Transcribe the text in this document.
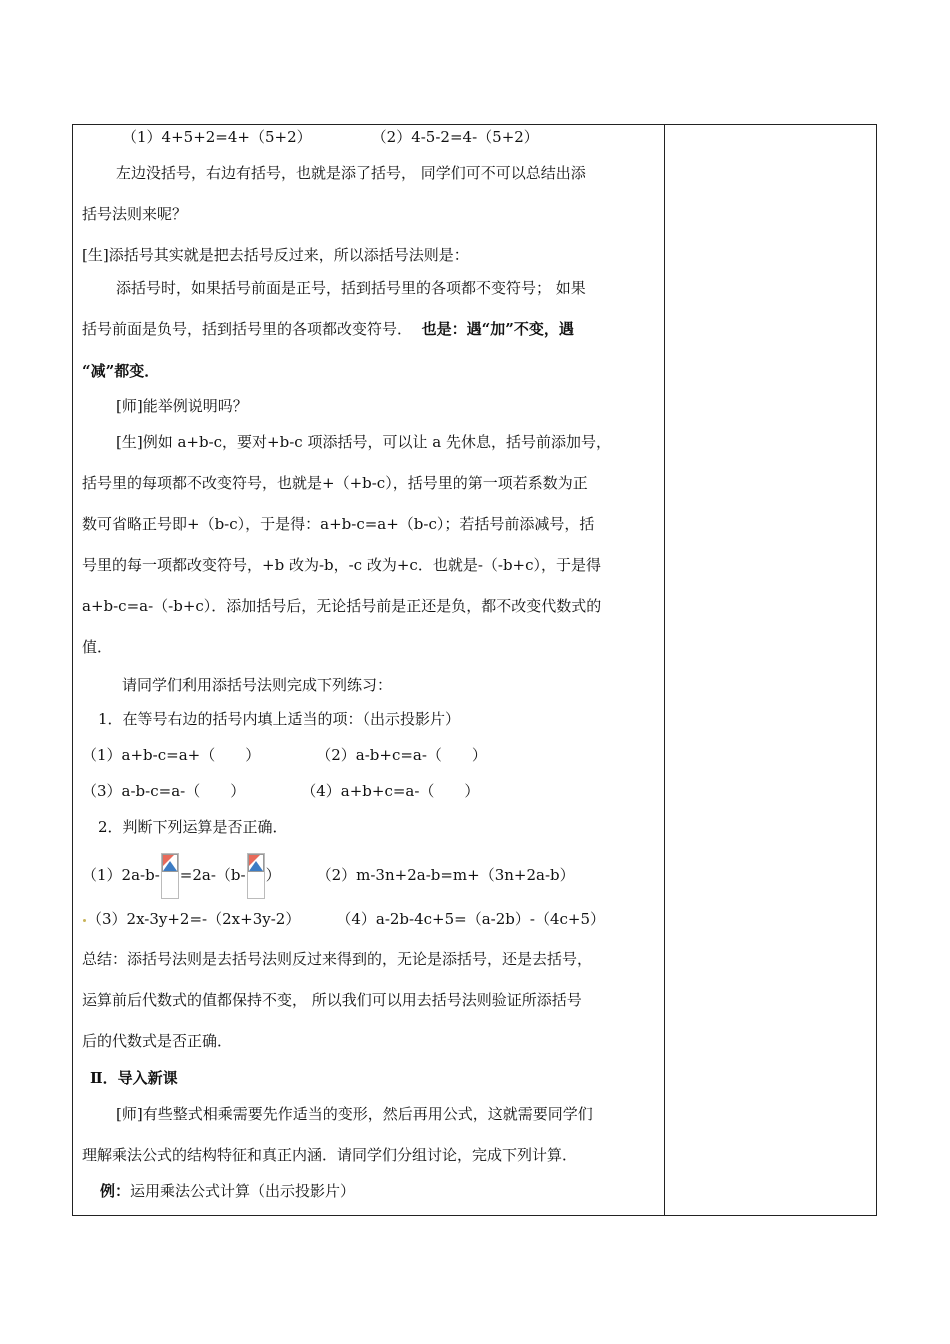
（1）4+5+2=4+（5+2）	（2）4-5-2=4-（5+2）
左边没括号，右边有括号，也就是添了括号， 同学们可不可以总结出添
括号法则来呢？
[生]添括号其实就是把去括号反过来，所以添括号法则是：
添括号时，如果括号前面是正号，括到括号里的各项都不变符号； 如果
括号前面是负号，括到括号里的各项都改变符号． 也是：遇“加”不变，遇
“减”都变．
[师]能举例说明吗？
[生]例如 a+b-c，要对+b-c 项添括号，可以让 a 先休息，括号前添加号，
括号里的每项都不改变符号，也就是+（+b-c），括号里的第一项若系数为正
数可省略正号即+（b-c），于是得：a+b-c=a+（b-c）；若括号前添减号，括
号里的每一项都改变符号，+b 改为-b，-c 改为+c．也就是-（-b+c），于是得
a+b-c=a-（-b+c）．添加括号后，无论括号前是正还是负，都不改变代数式的
值．
请同学们利用添括号法则完成下列练习：
1．在等号右边的括号内填上适当的项：（出示投影片）
（1）a+b-c=a+（　　）	（2）a-b+c=a-（　　）
（3）a-b-c=a-（　　）	（4）a+b+c=a-（　　）
2．判断下列运算是否正确．
（1）2a-b- =2a-（b- ） （2）m-3n+2a-b=m+（3n+2a-b）
（3）2x-3y+2=-（2x+3y-2） （4）a-2b-4c+5=（a-2b）-（4c+5）
总结：添括号法则是去括号法则反过来得到的，无论是添括号，还是去括号，
运算前后代数式的值都保持不变， 所以我们可以用去括号法则验证所添括号
后的代数式是否正确．
Ⅱ．导入新课
[师]有些整式相乘需要先作适当的变形，然后再用公式，这就需要同学们
理解乘法公式的结构特征和真正内涵．请同学们分组讨论，完成下列计算．
例：运用乘法公式计算（出示投影片）
